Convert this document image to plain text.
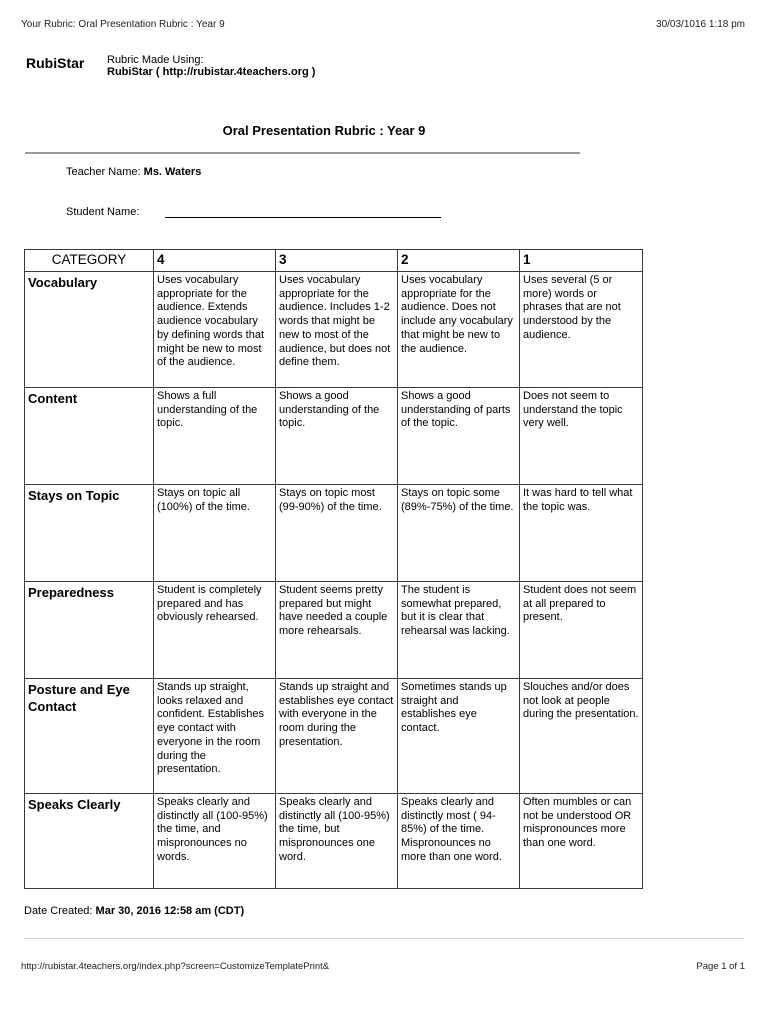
Your Rubric: Oral Presentation Rubric : Year 9	30/03/1016 1:18 pm
RubiStar Rubric Made Using:
RubiStar ( http://rubistar.4teachers.org )
Oral Presentation Rubric : Year 9
Teacher Name: Ms. Waters
Student Name:
CATEGORY	4	3	2	1
Vocabulary	Uses vocabulary appropriate for the audience. Extends audience vocabulary by defining words that might be new to most of the audience.	Uses vocabulary appropriate for the audience. Includes 1-2 words that might be new to most of the audience, but does not define them.	Uses vocabulary appropriate for the audience. Does not include any vocabulary that might be new to the audience.	Uses several (5 or more) words or phrases that are not understood by the audience.
Content	Shows a full understanding of the topic.	Shows a good understanding of the topic.	Shows a good understanding of parts of the topic.	Does not seem to understand the topic very well.
Stays on Topic	Stays on topic all (100%) of the time.	Stays on topic most (99-90%) of the time.	Stays on topic some (89%-75%) of the time.	It was hard to tell what the topic was.
Preparedness	Student is completely prepared and has obviously rehearsed.	Student seems pretty prepared but might have needed a couple more rehearsals.	The student is somewhat prepared, but it is clear that rehearsal was lacking.	Student does not seem at all prepared to present.
Posture and Eye Contact	Stands up straight, looks relaxed and confident. Establishes eye contact with everyone in the room during the presentation.	Stands up straight and establishes eye contact with everyone in the room during the presentation.	Sometimes stands up straight and establishes eye contact.	Slouches and/or does not look at people during the presentation.
Speaks Clearly	Speaks clearly and distinctly all (100-95%) the time, and mispronounces no words.	Speaks clearly and distinctly all (100-95%) the time, but mispronounces one word.	Speaks clearly and distinctly most ( 94-85%) of the time. Mispronounces no more than one word.	Often mumbles or can not be understood OR mispronounces more than one word.
Date Created: Mar 30, 2016 12:58 am (CDT)
http://rubistar.4teachers.org/index.php?screen=CustomizeTemplatePrint&	Page 1 of 1
